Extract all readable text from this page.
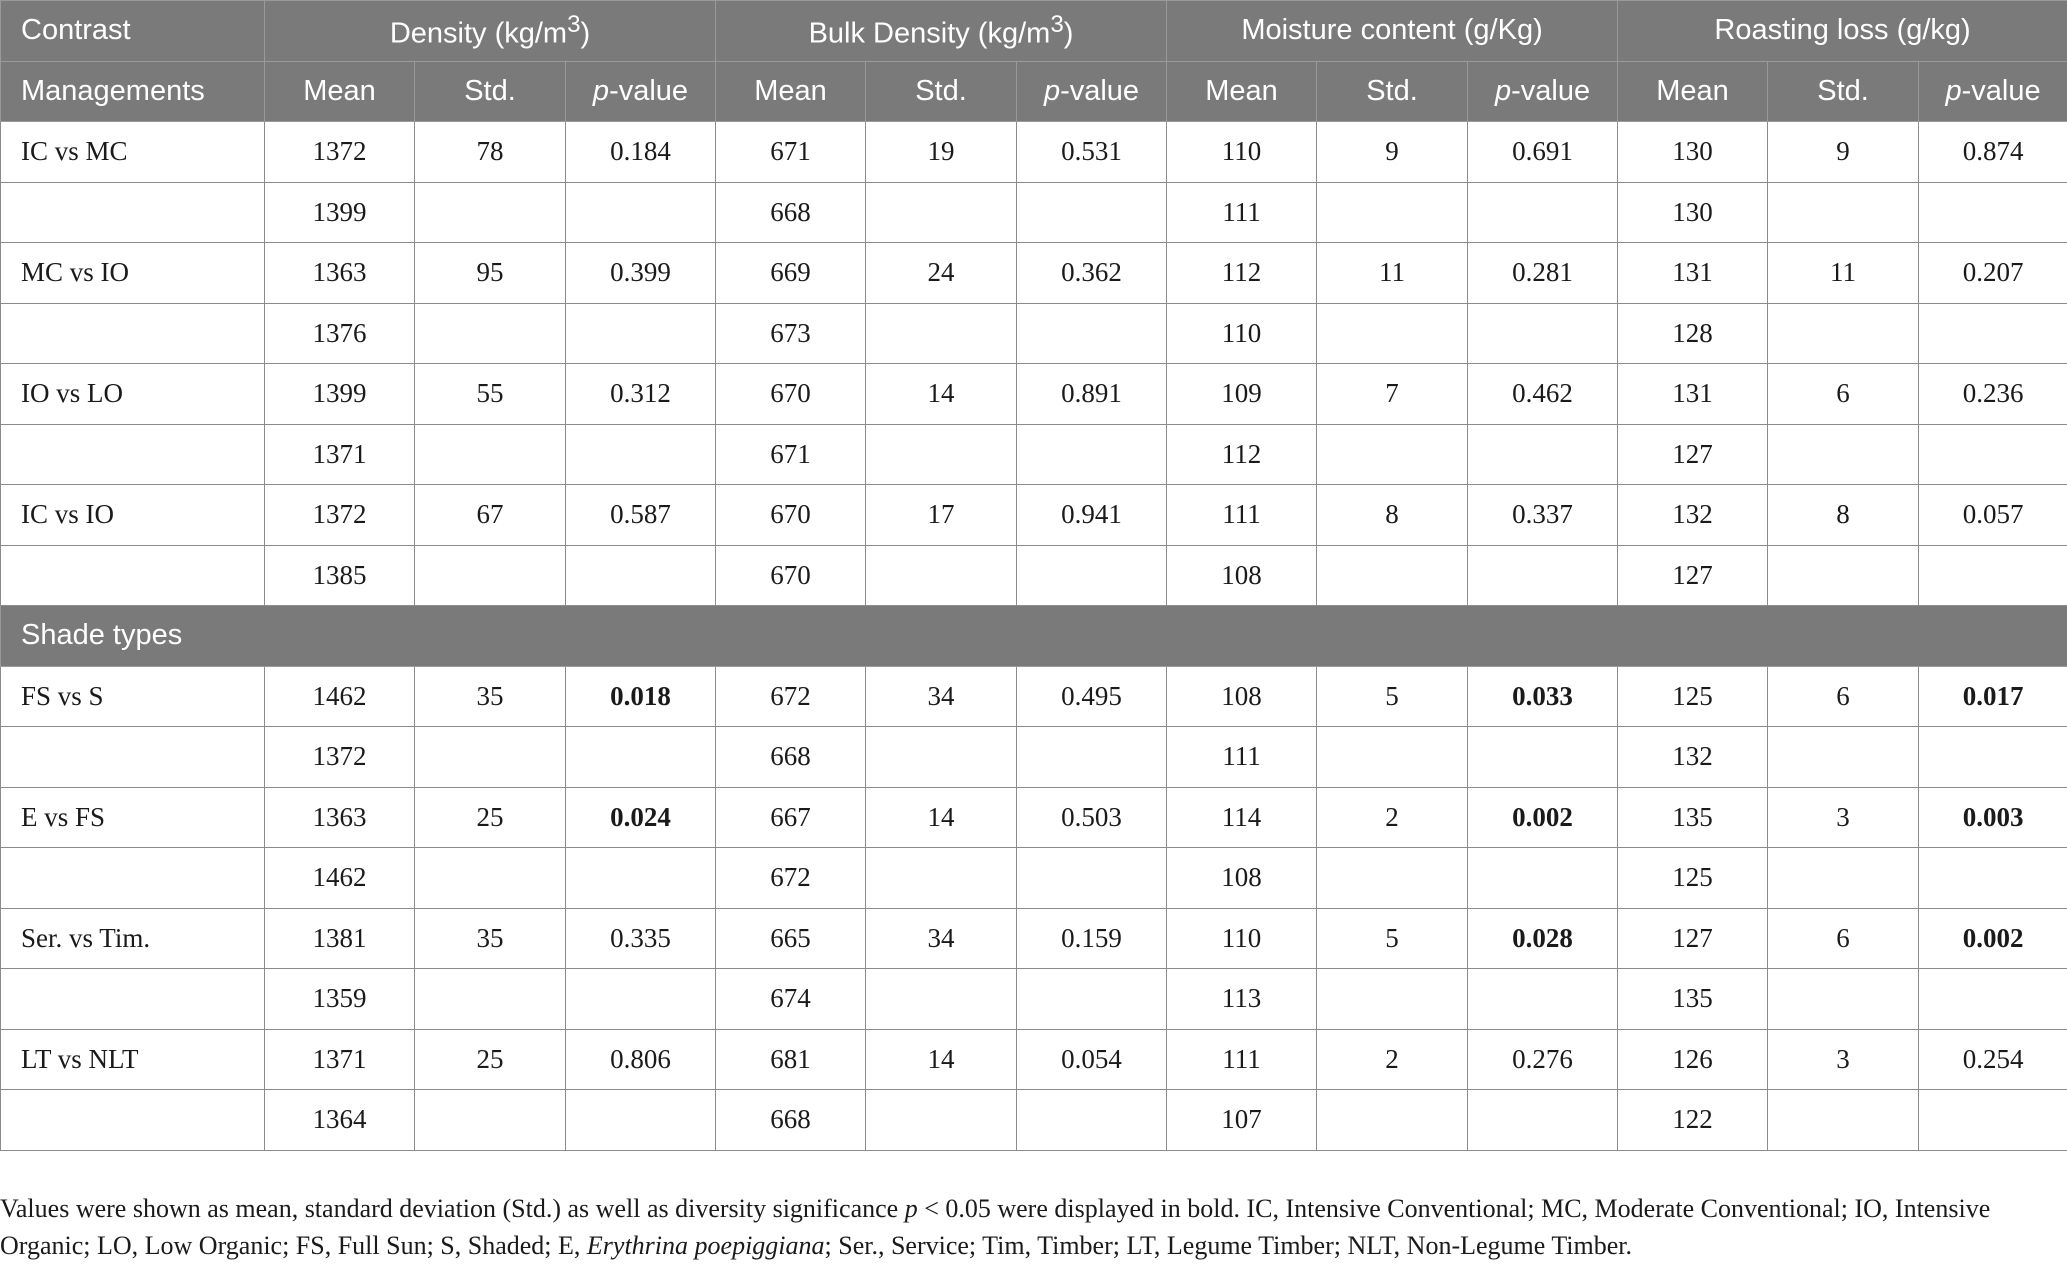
Contrast	Density $(kg/m^3)$			Bulk Density $(kg/m^3)$			Moisture content (g/Kg)			Roasting loss (g/kg)		
Managements	Mean	Std.	p-value	Mean	Std.	p-value	Mean	Std.	p-value	Mean	Std.	p-value
IC vs MC	1372	78	0.184	671	19	0.531	110	9	0.691	130	9	0.874
	1399			668			111			130		
MC vs IO	1363	95	0.399	669	24	0.362	112	11	0.281	131	11	0.207
	1376			673			110			128		
IO vs LO	1399	55	0.312	670	14	0.891	109	7	0.462	131	6	0.236
	1371			671			112			127		
IC vs IO	1372	67	0.587	670	17	0.941	111	8	0.337	132	8	0.057
	1385			670			108			127		
Shade types												
FS vs S	1462	35	0.018	672	34	0.495	108	5	0.033	125	6	0.017
	1372			668			111			132		
E vs FS	1363	25	0.024	667	14	0.503	114	2	0.002	135	3	0.003
	1462			672			108			125		
Ser. vs Tim.	1381	35	0.335	665	34	0.159	110	5	0.028	127	6	0.002
	1359			674			113			135		
LT vs NLT	1371	25	0.806	681	14	0.054	111	2	0.276	126	3	0.254
	1364			668			107			122		
Values were shown as mean, standard deviation (Std.) as well as diversity significance p < 0.05 were displayed in bold. IC, Intensive Conventional; MC, Moderate Conventional; IO, Intensive Organic; LO, Low Organic; FS, Full Sun; S, Shaded; E, Erythrina poepiggiana; Ser., Service; Tim, Timber; LT, Legume Timber; NLT, Non-Legume Timber.
